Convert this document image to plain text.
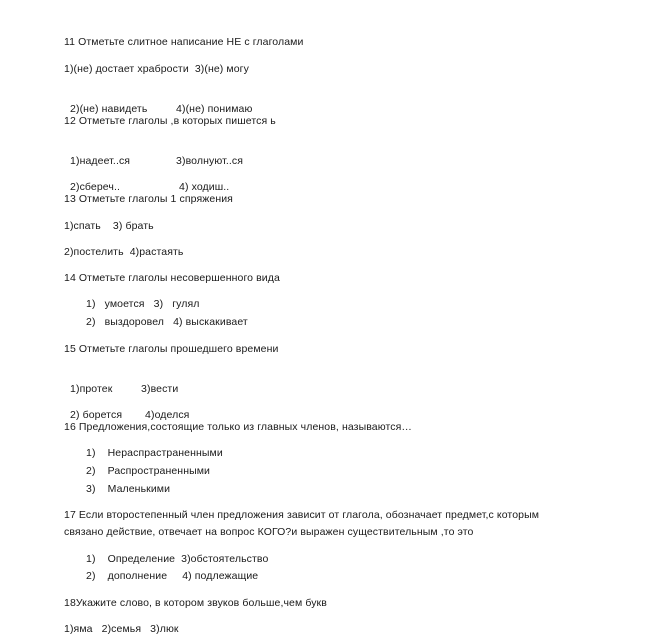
11 Отметьте слитное написание НЕ с глаголами
1)(не) достает храбрости  3)(не) могу

2)(не) навидеть	4)(не) понимаю

12 Отметьте глаголы ,в которых пишется ь

1)надеет..ся	3)волнуют..ся

2)сбереч..	4) ходиш..

13 Отметьте глаголы 1 спряжения
1)спать    3) брать
2)постелить  4)растаять
14 Отметьте глаголы несовершенного вида
1)   умоется   3)   гулял
2)   выздоровел   4) выскакивает
15 Отметьте глаголы прошедшего времени

1)протек	3)вести

2) борется 4)оделся

16 Предложения,состоящие только из главных членов, называются…
1)    Нераспраcтраненными
2)    Распространенными
3)    Маленькими
17 Если второстепенный член предложения зависит от глагола, обозначает предмет,с которым
связано действие, отвечает на вопрос КОГО?и выражен существительным ,то это
1)    Определение  3)обстоятельство
2)    дополнение     4) подлежащие
18Укажите слово, в котором звуков больше,чем букв
1)яма   2)семья   3)люк
